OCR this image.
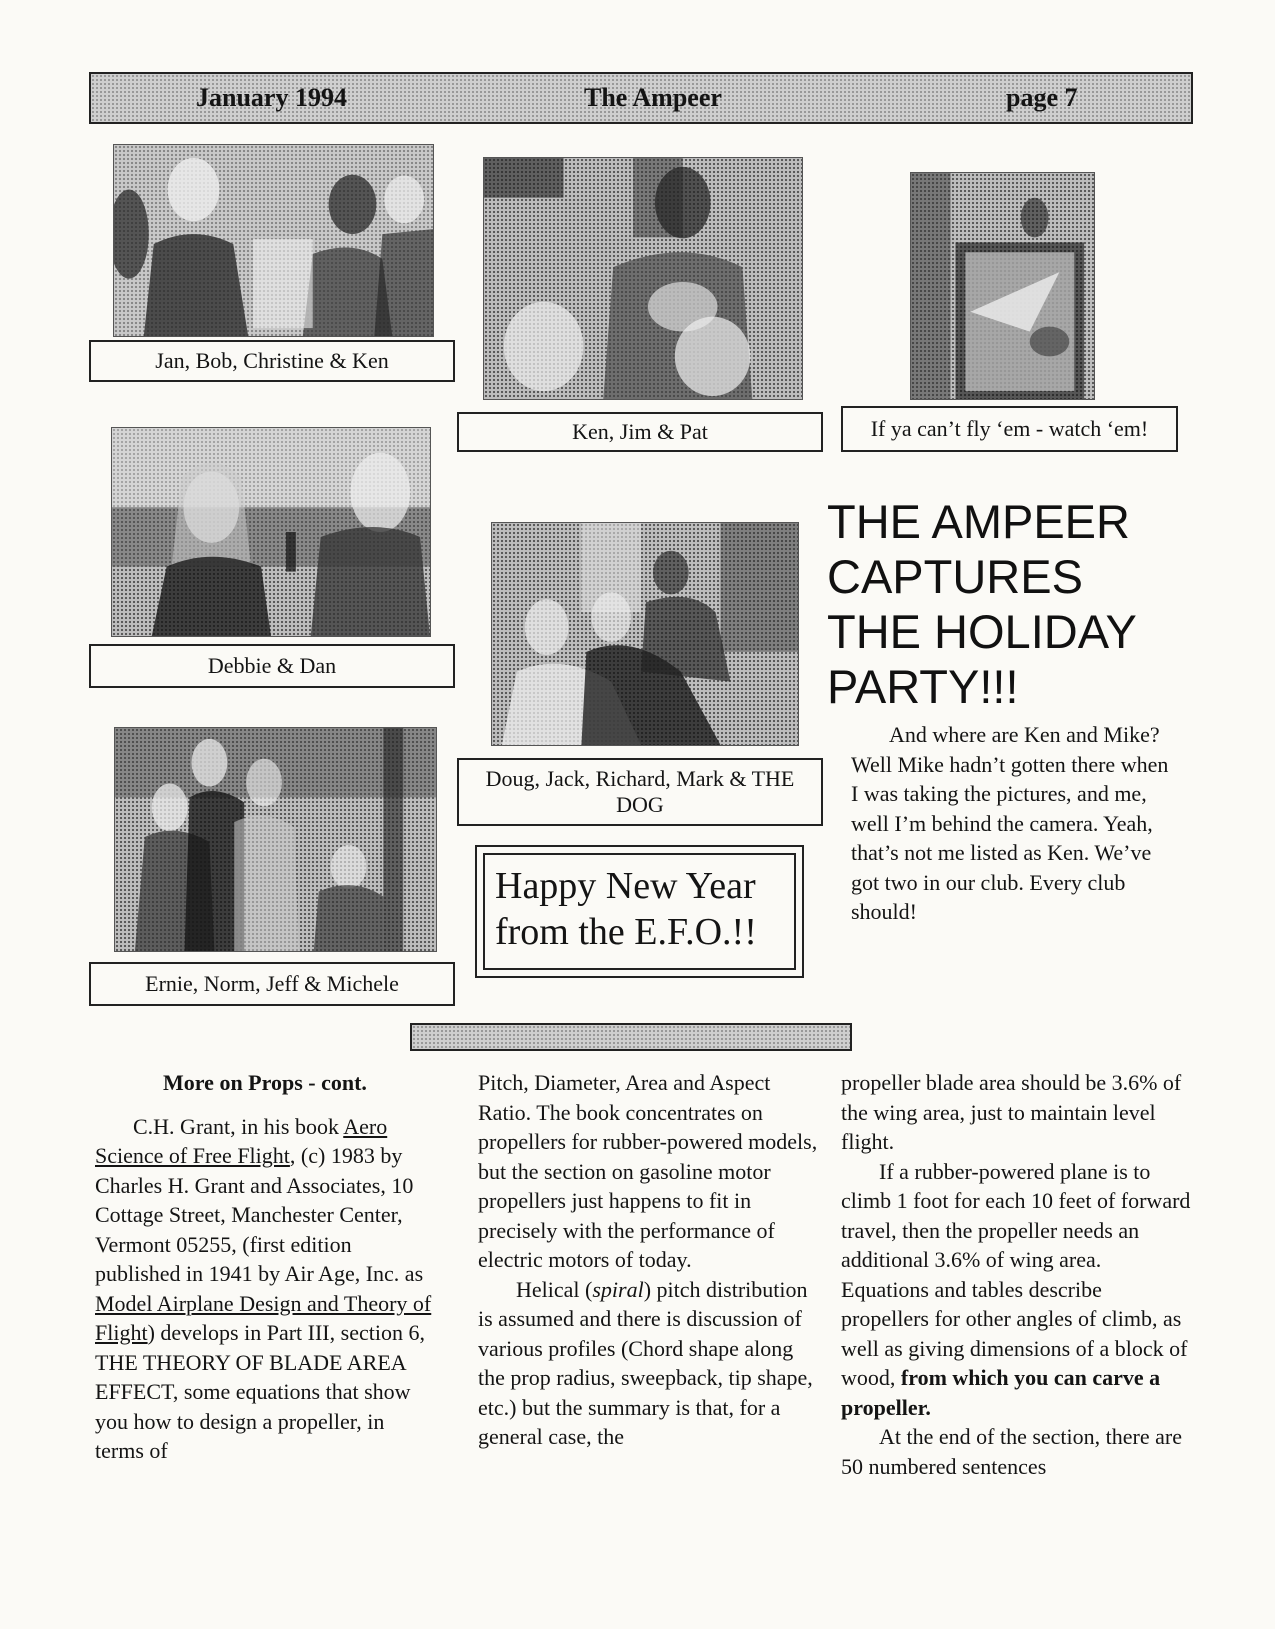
January 1994	The Ampeer	page 7
Jan, Bob, Christine & Ken
Ken, Jim & Pat	If ya can’t fly ‘em - watch ‘em!
Debbie & Dan
Doug, Jack, Richard, Mark & THE DOG
Ernie, Norm, Jeff & Michele
THE AMPEER
CAPTURES
THE HOLIDAY
PARTY!!!

And where are Ken and Mike? Well Mike hadn’t gotten there when I was taking the pictures, and me, well I’m behind the camera. Yeah, that’s not me listed as Ken. We’ve got two in our club. Every club should!

Happy New Year
from the E.F.O.!!

More on Props - cont.

C.H. Grant, in his book Aero Science of Free Flight, (c) 1983 by Charles H. Grant and Associates, 10 Cottage Street, Manchester Center, Vermont 05255, (first edition published in 1941 by Air Age, Inc. as Model Airplane Design and Theory of Flight) develops in Part III, section 6, THE THEORY OF BLADE AREA EFFECT, some equations that show you how to design a propeller, in terms of

Pitch, Diameter, Area and Aspect Ratio. The book concentrates on propellers for rubber-powered models, but the section on gasoline motor propellers just happens to fit in precisely with the performance of electric motors of today.

Helical (spiral) pitch distribution is assumed and there is discussion of various profiles (Chord shape along the prop radius, sweepback, tip shape, etc.) but the summary is that, for a general case, the

propeller blade area should be 3.6% of the wing area, just to maintain level flight.

If a rubber-powered plane is to climb 1 foot for each 10 feet of forward travel, then the propeller needs an additional 3.6% of wing area. Equations and tables describe propellers for other angles of climb, as well as giving dimensions of a block of wood, from which you can carve a propeller.

At the end of the section, there are 50 numbered sentences
